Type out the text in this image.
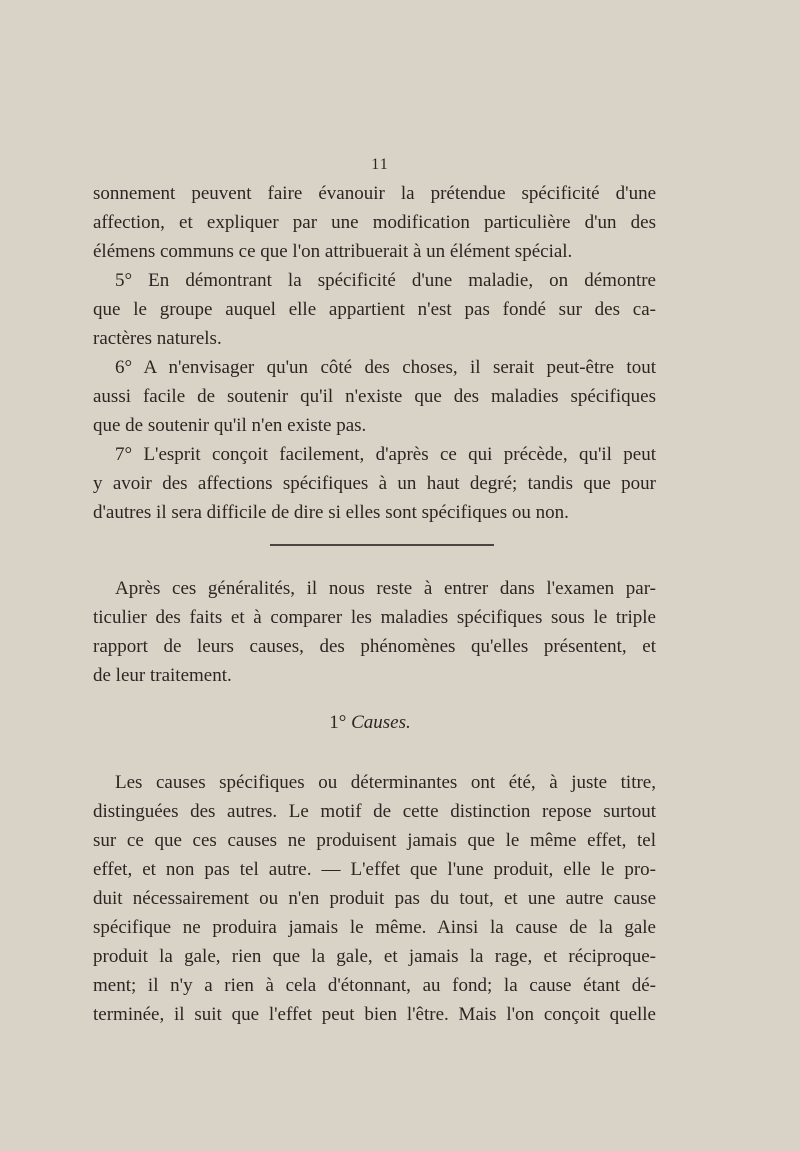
11
sonnement peuvent faire évanouir la prétendue spécificité d'une
affection, et expliquer par une modification particulière d'un des
élémens communs ce que l'on attribuerait à un élément spécial.
5° En démontrant la spécificité d'une maladie, on démontre
que le groupe auquel elle appartient n'est pas fondé sur des ca-
ractères naturels.
6° A n'envisager qu'un côté des choses, il serait peut-être tout
aussi facile de soutenir qu'il n'existe que des maladies spécifiques
que de soutenir qu'il n'en existe pas.
7° L'esprit conçoit facilement, d'après ce qui précède, qu'il peut
y avoir des affections spécifiques à un haut degré; tandis que pour
d'autres il sera difficile de dire si elles sont spécifiques ou non.
Après ces généralités, il nous reste à entrer dans l'examen par-
ticulier des faits et à comparer les maladies spécifiques sous le triple
rapport de leurs causes, des phénomènes qu'elles présentent, et
de leur traitement.
1° Causes.
Les causes spécifiques ou déterminantes ont été, à juste titre,
distinguées des autres. Le motif de cette distinction repose surtout
sur ce que ces causes ne produisent jamais que le même effet, tel
effet, et non pas tel autre. — L'effet que l'une produit, elle le pro-
duit nécessairement ou n'en produit pas du tout, et une autre cause
spécifique ne produira jamais le même. Ainsi la cause de la gale
produit la gale, rien que la gale, et jamais la rage, et réciproque-
ment; il n'y a rien à cela d'étonnant, au fond; la cause étant dé-
terminée, il suit que l'effet peut bien l'être. Mais l'on conçoit quelle
